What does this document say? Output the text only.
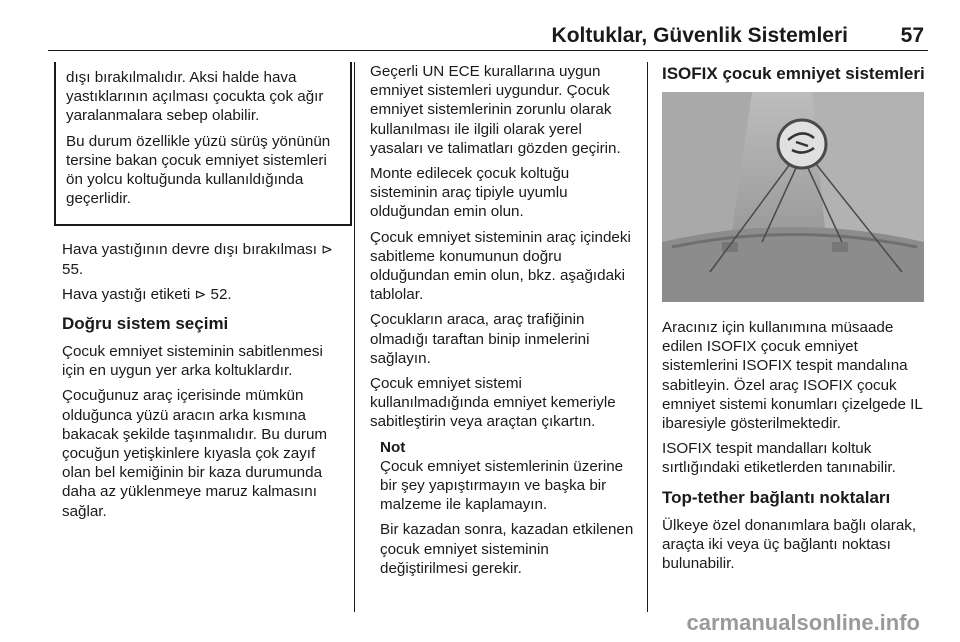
Koltuklar, Güvenlik Sistemleri	57

dışı bırakılmalıdır. Aksi halde hava yastıklarının açılması çocukta çok ağır yaralanmalara sebep olabilir.

Bu durum özellikle yüzü sürüş yönünün tersine bakan çocuk emniyet sistemleri ön yolcu koltuğunda kullanıldığında geçerlidir.

Hava yastığının devre dışı bırakılması ⊳ 55.

Hava yastığı etiketi ⊳ 52.

Doğru sistem seçimi

Çocuk emniyet sisteminin sabitlenmesi için en uygun yer arka koltuklardır.

Çocuğunuz araç içerisinde mümkün olduğunca yüzü aracın arka kısmına bakacak şekilde taşınmalıdır. Bu durum çocuğun yetişkinlere kıyasla çok zayıf olan bel kemiğinin bir kaza durumunda daha az yüklenmeye maruz kalmasını sağlar.

Geçerli UN ECE kurallarına uygun emniyet sistemleri uygundur. Çocuk emniyet sistemlerinin zorunlu olarak kullanılması ile ilgili olarak yerel yasaları ve talimatları gözden geçirin.

Monte edilecek çocuk koltuğu sisteminin araç tipiyle uyumlu olduğundan emin olun.

Çocuk emniyet sisteminin araç içindeki sabitleme konumunun doğru olduğundan emin olun, bkz. aşağıdaki tablolar.

Çocukların araca, araç trafiğinin olmadığı taraftan binip inmelerini sağlayın.

Çocuk emniyet sistemi kullanılmadığında emniyet kemeriyle sabitleştirin veya araçtan çıkartın.

Not

Çocuk emniyet sistemlerinin üzerine bir şey yapıştırmayın ve başka bir malzeme ile kaplamayın.

Bir kazadan sonra, kazadan etkilenen çocuk emniyet sisteminin değiştirilmesi gerekir.

ISOFIX çocuk emniyet sistemleri

Aracınız için kullanımına müsaade edilen ISOFIX çocuk emniyet sistemlerini ISOFIX tespit mandalına sabitleyin. Özel araç ISOFIX çocuk emniyet sistemi konumları çizelgede IL ibaresiyle gösterilmektedir.

ISOFIX tespit mandalları koltuk sırtlığındaki etiketlerden tanınabilir.

Top-tether bağlantı noktaları

Ülkeye özel donanımlara bağlı olarak, araçta iki veya üç bağlantı noktası bulunabilir.

carmanualsonline.info
